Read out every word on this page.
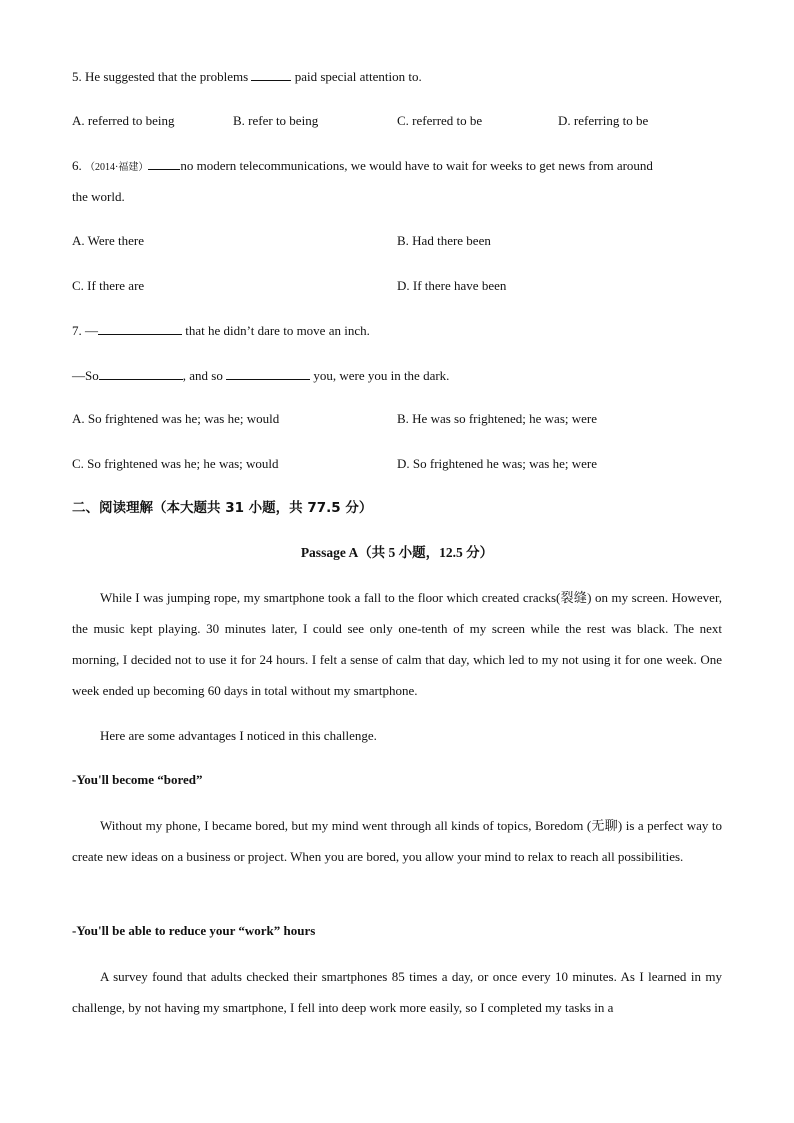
5. He suggested that the problems	paid special attention to.
A. referred to being	B. refer to being	C. referred to be	D. referring to be
6. （2014·福建） no modern telecommunications, we would have to wait for weeks to get news from around
the world.
A. Were there	B. Had there been
C. If there are	D. If there have been
7. —	that he didn’t dare to move an inch.
—So	, and so	you, were you in the dark.
A. So frightened was he; was he; would	B. He was so frightened; he was; were
C. So frightened was he; he was; would	D. So frightened he was; was he; were
二、阅读理解（本大题共 31 小题，共 77.5 分）
Passage A（共 5 小题，12.5 分）
While I was jumping rope, my smartphone took a fall to the floor which created cracks(裂缝) on my screen. However, the music kept playing. 30 minutes later, I could see only one-tenth of my screen while the rest was black. The next morning, I decided not to use it for 24 hours. I felt a sense of calm that day, which led to my not using it for one week. One week ended up becoming 60 days in total without my smartphone.
Here are some advantages I noticed in this challenge.
-You'll become “bored”
Without my phone, I became bored, but my mind went through all kinds of topics, Boredom (无聊) is a perfect way to create new ideas on a business or project. When you are bored, you allow your mind to relax to reach all possibilities.
-You'll be able to reduce your “work” hours
A survey found that adults checked their smartphones 85 times a day, or once every 10 minutes. As I learned in my challenge, by not having my smartphone, I fell into deep work more easily, so I completed my tasks in a
